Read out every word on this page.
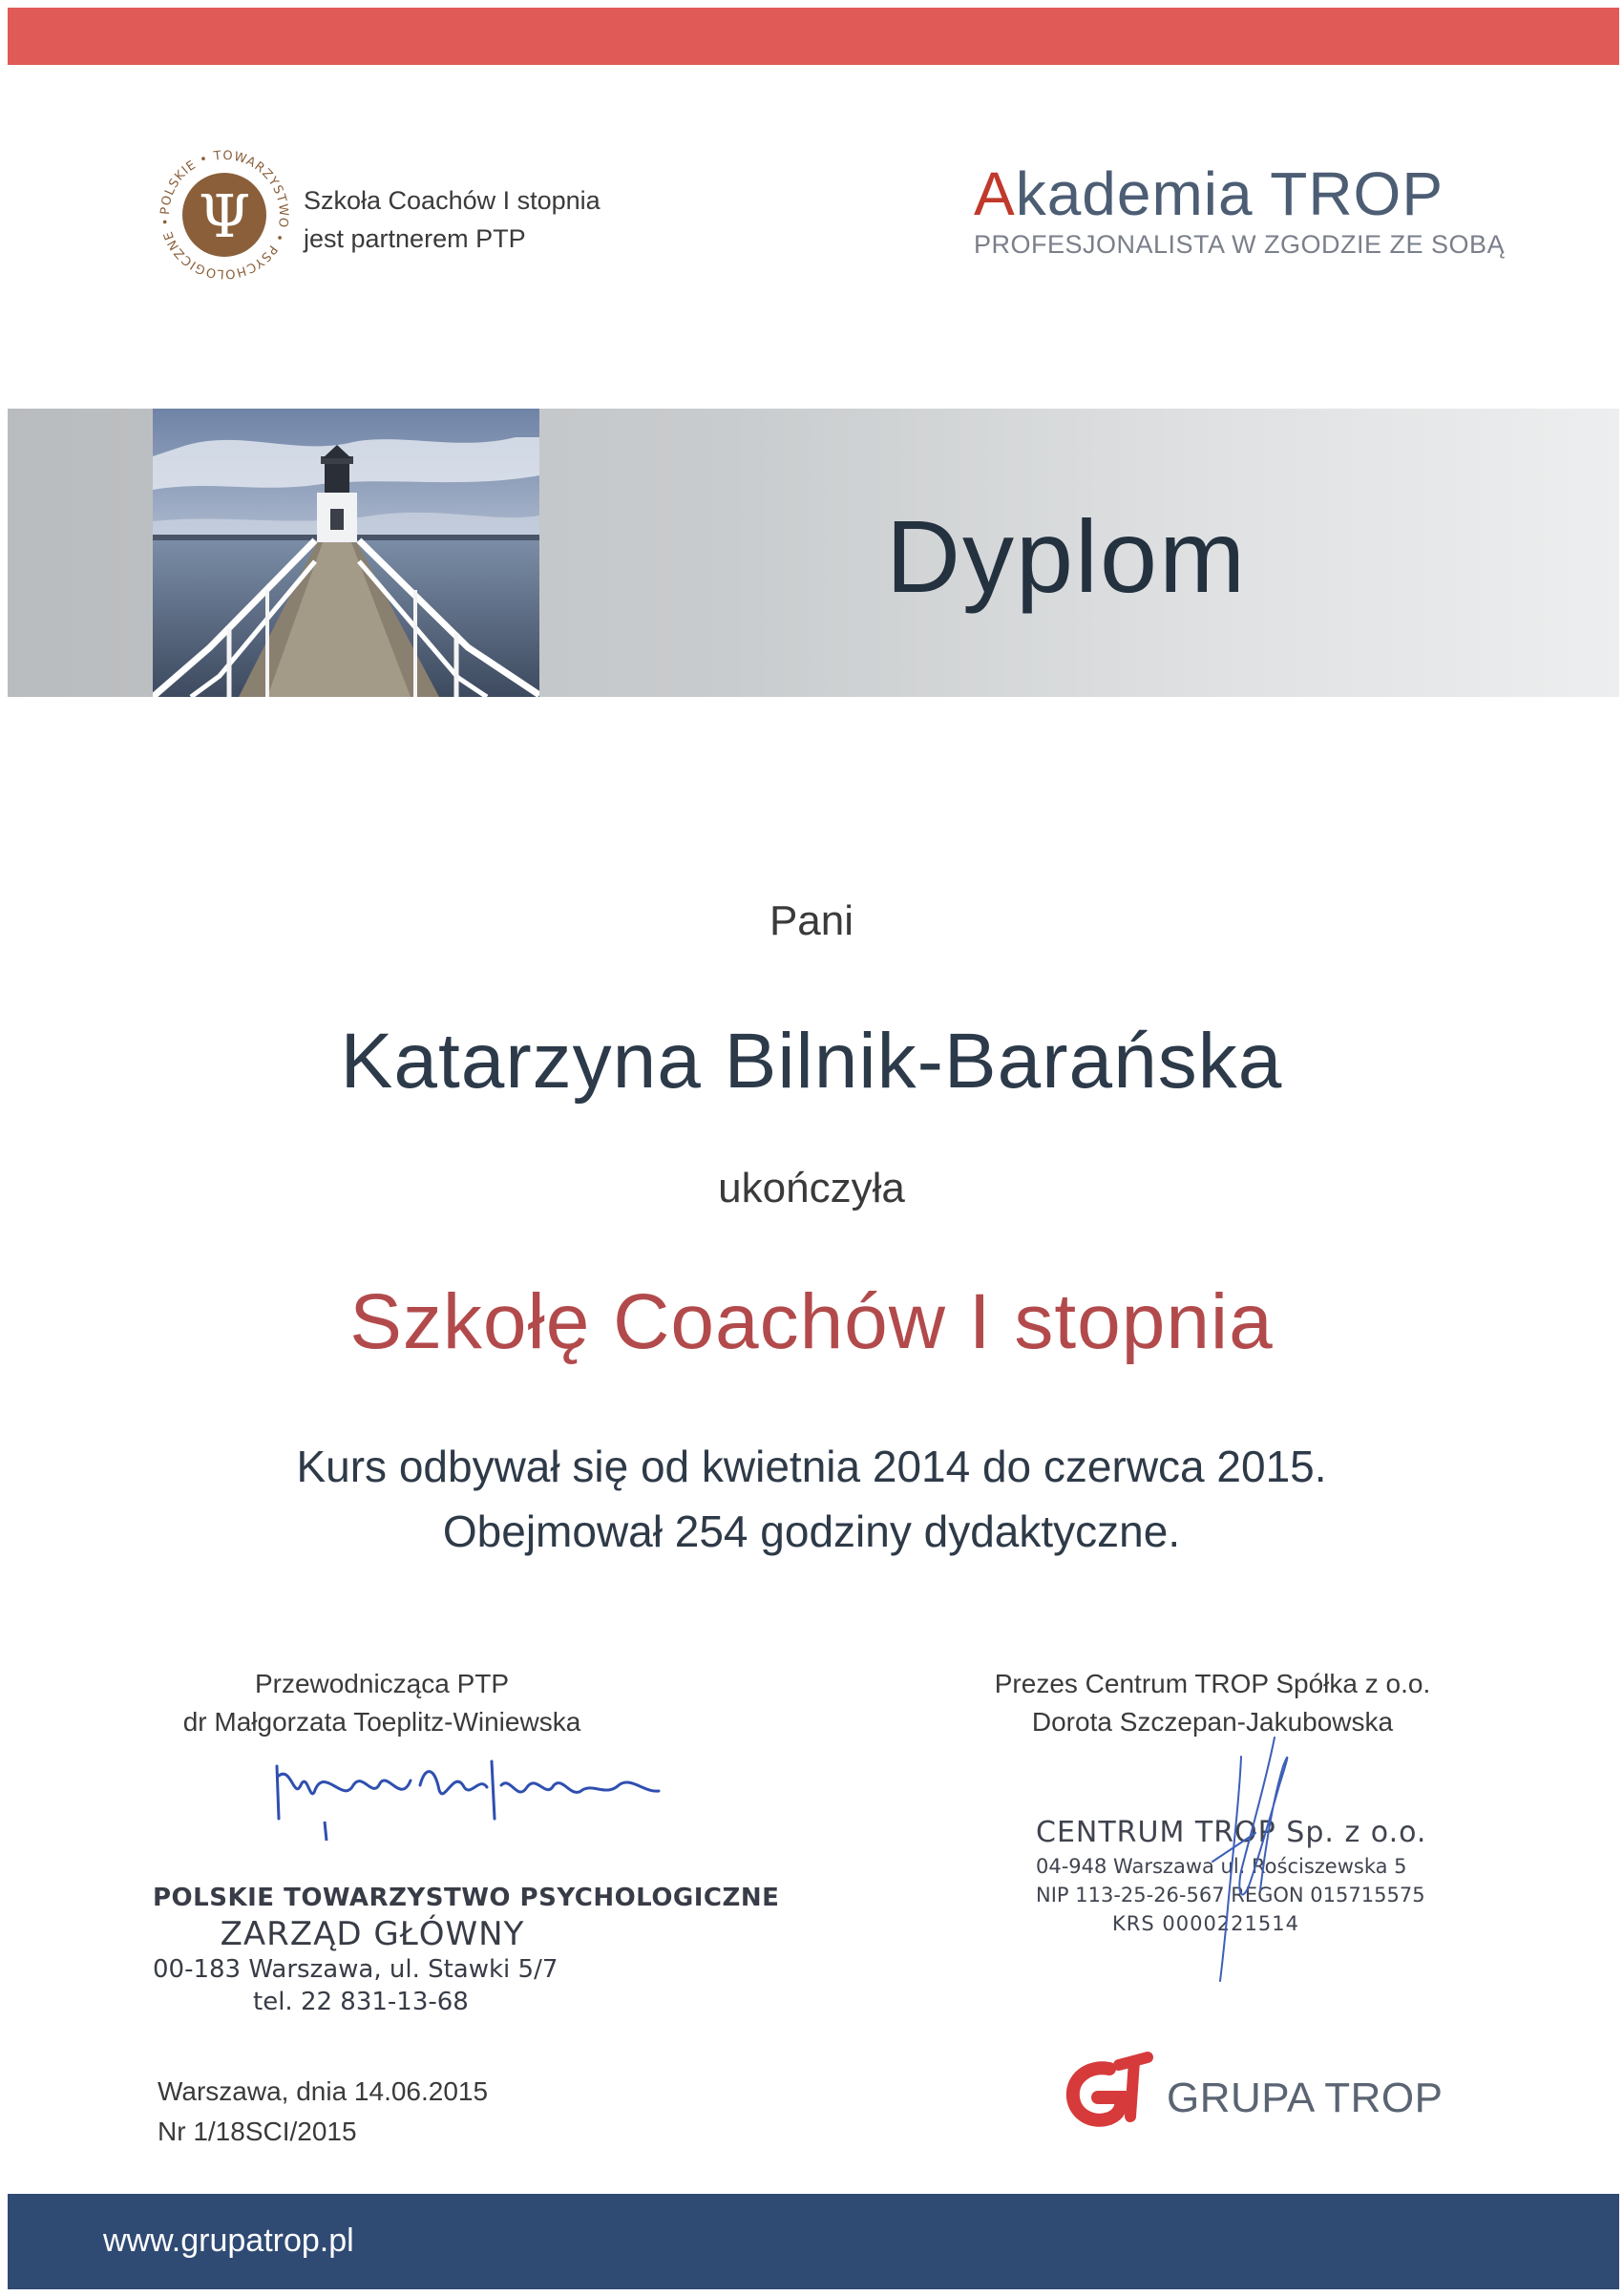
POLSKIE • TOWARZYSTWO • PSYCHOLOGICZNE • Ψ Szkoła Coachów I stopnia
jest partnerem PTP
Akademia TROP
PROFESJONALISTA W ZGODZIE ZE SOBĄ
Dyplom
Pani
Katarzyna Bilnik-Barańska
ukończyła
Szkołę Coachów I stopnia
Kurs odbywał się od kwietnia 2014 do czerwca 2015.
Obejmował 254 godziny dydaktyczne.
Przewodnicząca PTP
dr Małgorzata Toeplitz-Winiewska
POLSKIE TOWARZYSTWO PSYCHOLOGICZNE
ZARZĄD GŁÓWNY
00-183 Warszawa, ul. Stawki 5/7
tel. 22 831-13-68
Prezes Centrum TROP Spółka z o.o.
Dorota Szczepan-Jakubowska
CENTRUM TROP Sp. z o.o.
04-948 Warszawa ul. Rościszewska 5
NIP 113-25-26-567 REGON 015715575
KRS 0000221514
Warszawa, dnia 14.06.2015
Nr 1/18SCI/2015
GRUPA TROP
www.grupatrop.pl
